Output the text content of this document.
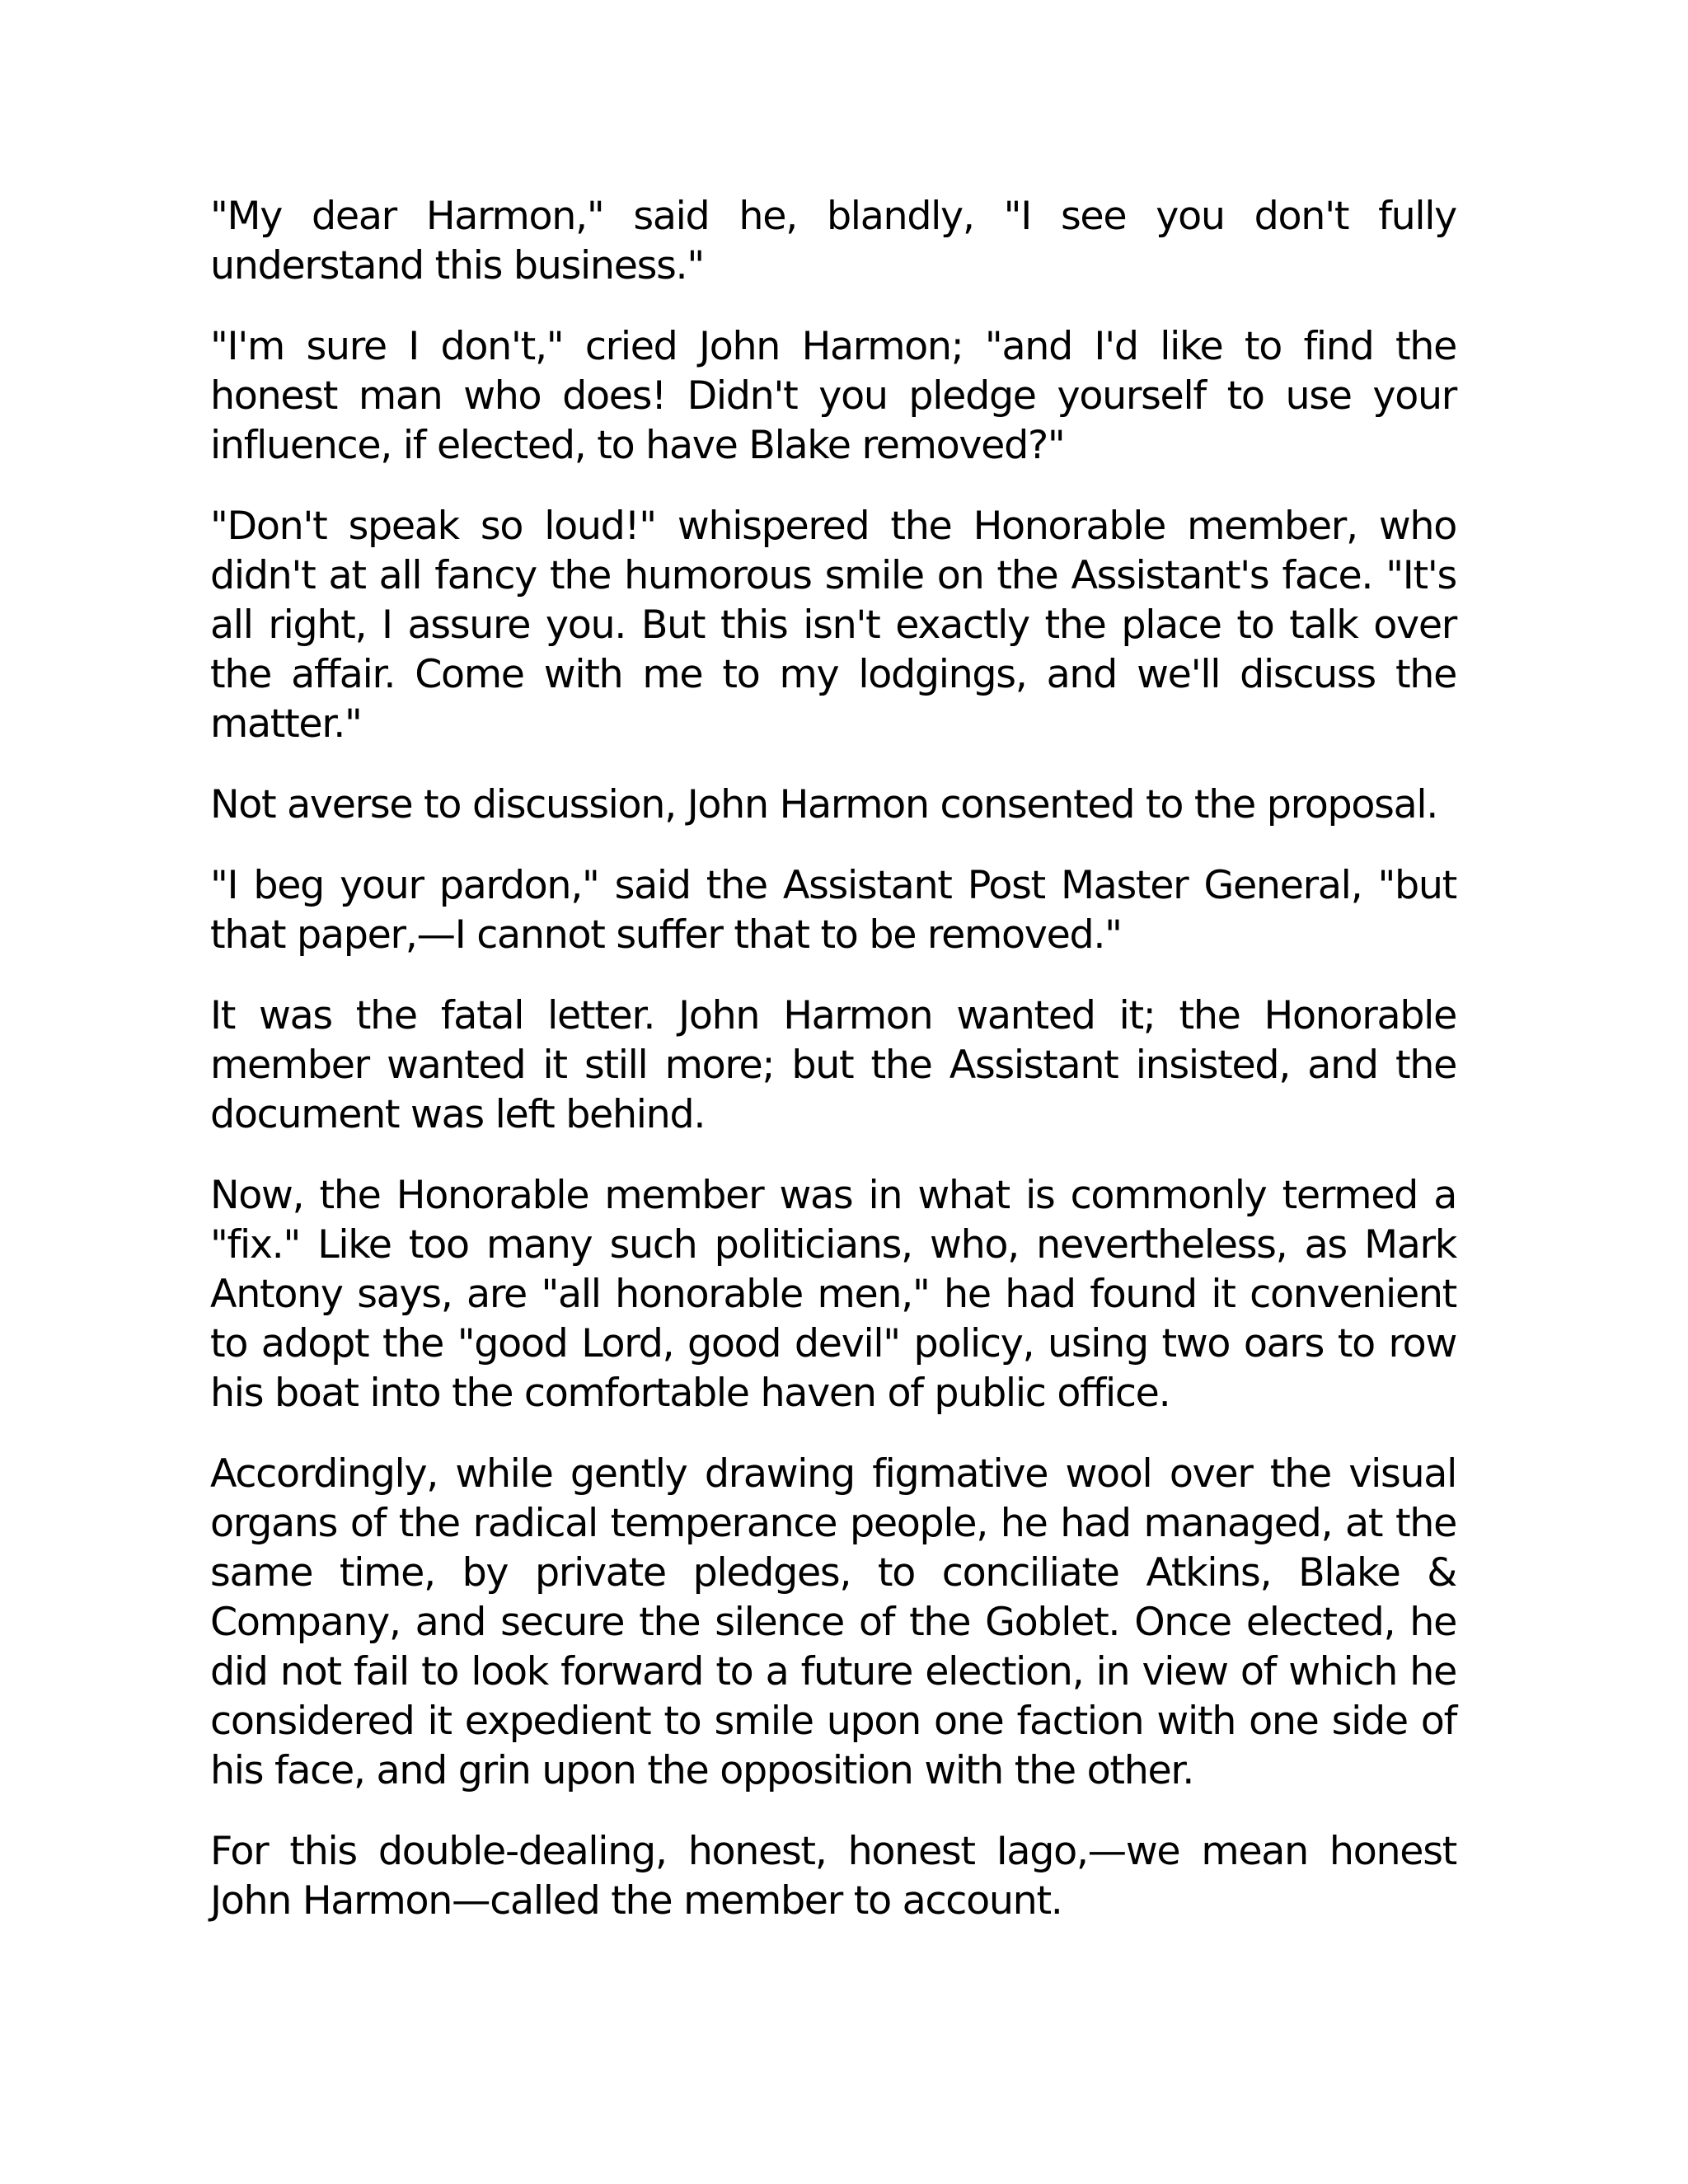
"My dear Harmon," said he, blandly, "I see you don't fully understand this business."

"I'm sure I don't," cried John Harmon; "and I'd like to find the honest man who does! Didn't you pledge yourself to use your influence, if elected, to have Blake removed?"

"Don't speak so loud!" whispered the Honorable member, who didn't at all fancy the humorous smile on the Assistant's face. "It's all right, I assure you. But this isn't exactly the place to talk over the affair. Come with me to my lodgings, and we'll discuss the matter."

Not averse to discussion, John Harmon consented to the proposal.

"I beg your pardon," said the Assistant Post Master General, "but that paper,—I cannot suffer that to be removed."

It was the fatal letter. John Harmon wanted it; the Honorable member wanted it still more; but the Assistant insisted, and the document was left behind.

Now, the Honorable member was in what is commonly termed a "fix." Like too many such politicians, who, nevertheless, as Mark Antony says, are "all honorable men," he had found it convenient to adopt the "good Lord, good devil" policy, using two oars to row his boat into the comfortable haven of public office.

Accordingly, while gently drawing figmative wool over the visual organs of the radical temperance people, he had managed, at the same time, by private pledges, to conciliate Atkins, Blake & Company, and secure the silence of the Goblet. Once elected, he did not fail to look forward to a future election, in view of which he considered it expedient to smile upon one faction with one side of his face, and grin upon the opposition with the other.

For this double-dealing, honest, honest Iago,—we mean honest John Harmon—called the member to account.
